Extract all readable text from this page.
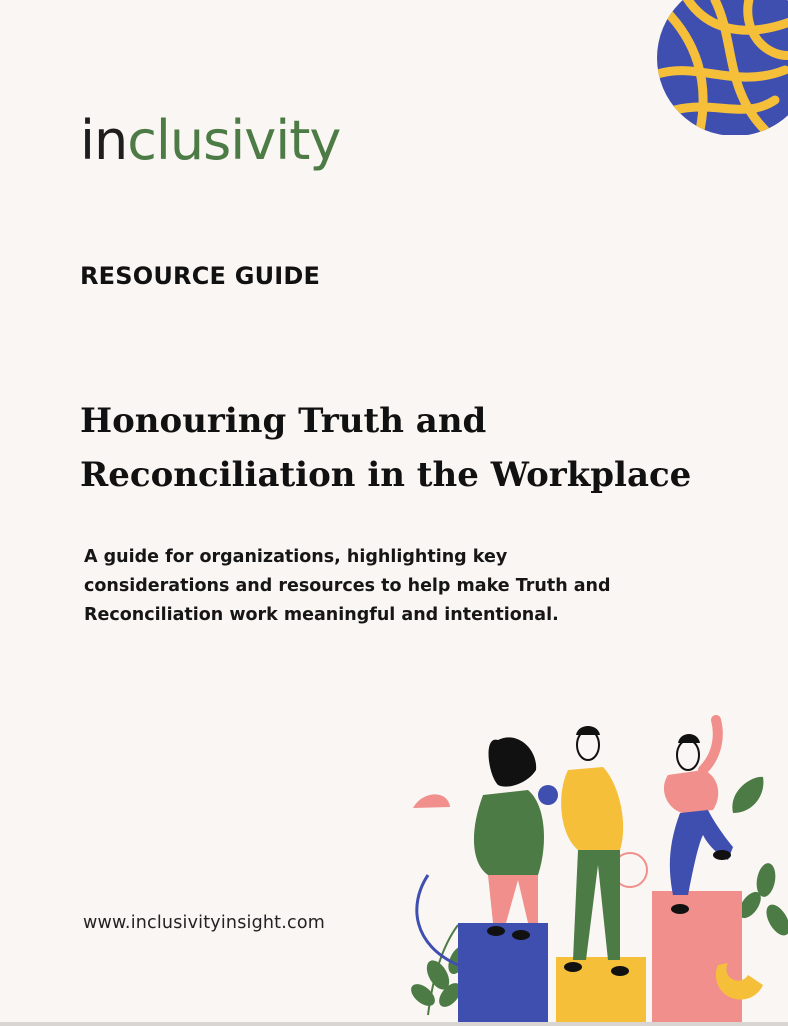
inclusivity
RESOURCE GUIDE
Honouring Truth and
Reconciliation in the Workplace

A guide for organizations, highlighting key
considerations and resources to help make Truth and
Reconciliation work meaningful and intentional.

www.inclusivityinsight.com
